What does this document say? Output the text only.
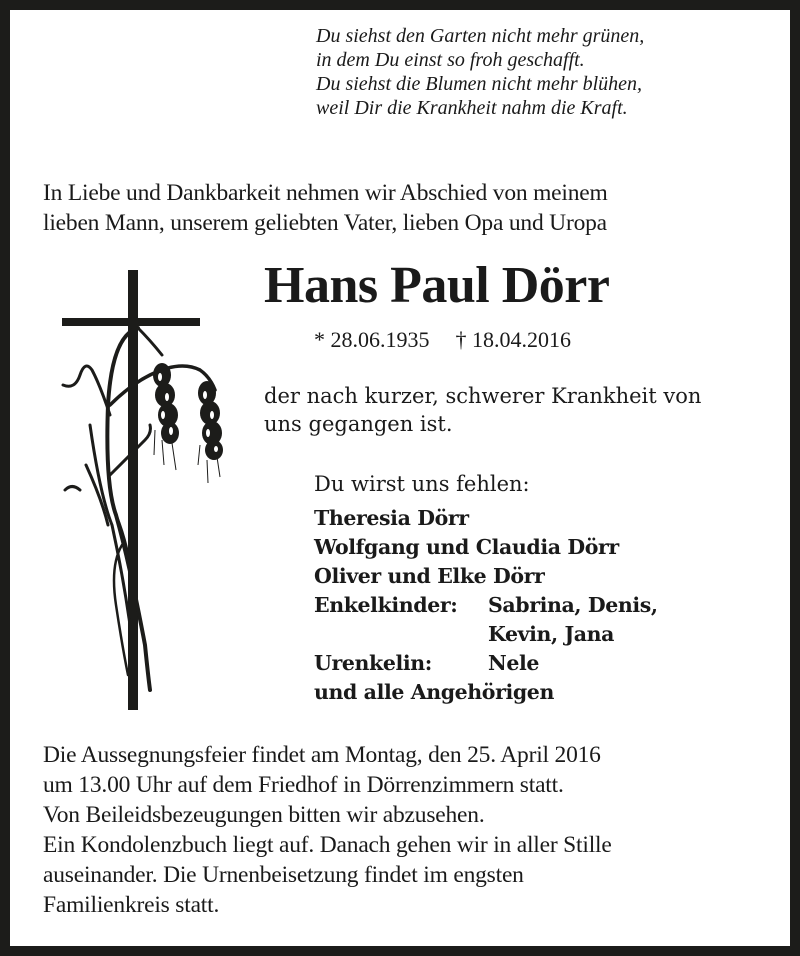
Du siehst den Garten nicht mehr grünen,
in dem Du einst so froh geschafft.
Du siehst die Blumen nicht mehr blühen,
weil Dir die Krankheit nahm die Kraft.
In Liebe und Dankbarkeit nehmen wir Abschied von meinem
lieben Mann, unserem geliebten Vater, lieben Opa und Uropa
Hans Paul Dörr
* 28.06.1935 † 18.04.2016
der nach kurzer, schwerer Krankheit von
uns gegangen ist.
Du wirst uns fehlen:
Theresia Dörr
Wolfgang und Claudia Dörr
Oliver und Elke Dörr
Enkelkinder:	Sabrina, Denis,
Kevin, Jana
Urenkelin:	Nele
und alle Angehörigen
Die Aussegnungsfeier findet am Montag, den 25. April 2016
um 13.00 Uhr auf dem Friedhof in Dörrenzimmern statt.
Von Beileidsbezeugungen bitten wir abzusehen.
Ein Kondolenzbuch liegt auf. Danach gehen wir in aller Stille
auseinander. Die Urnenbeisetzung findet im engsten
Familienkreis statt.
